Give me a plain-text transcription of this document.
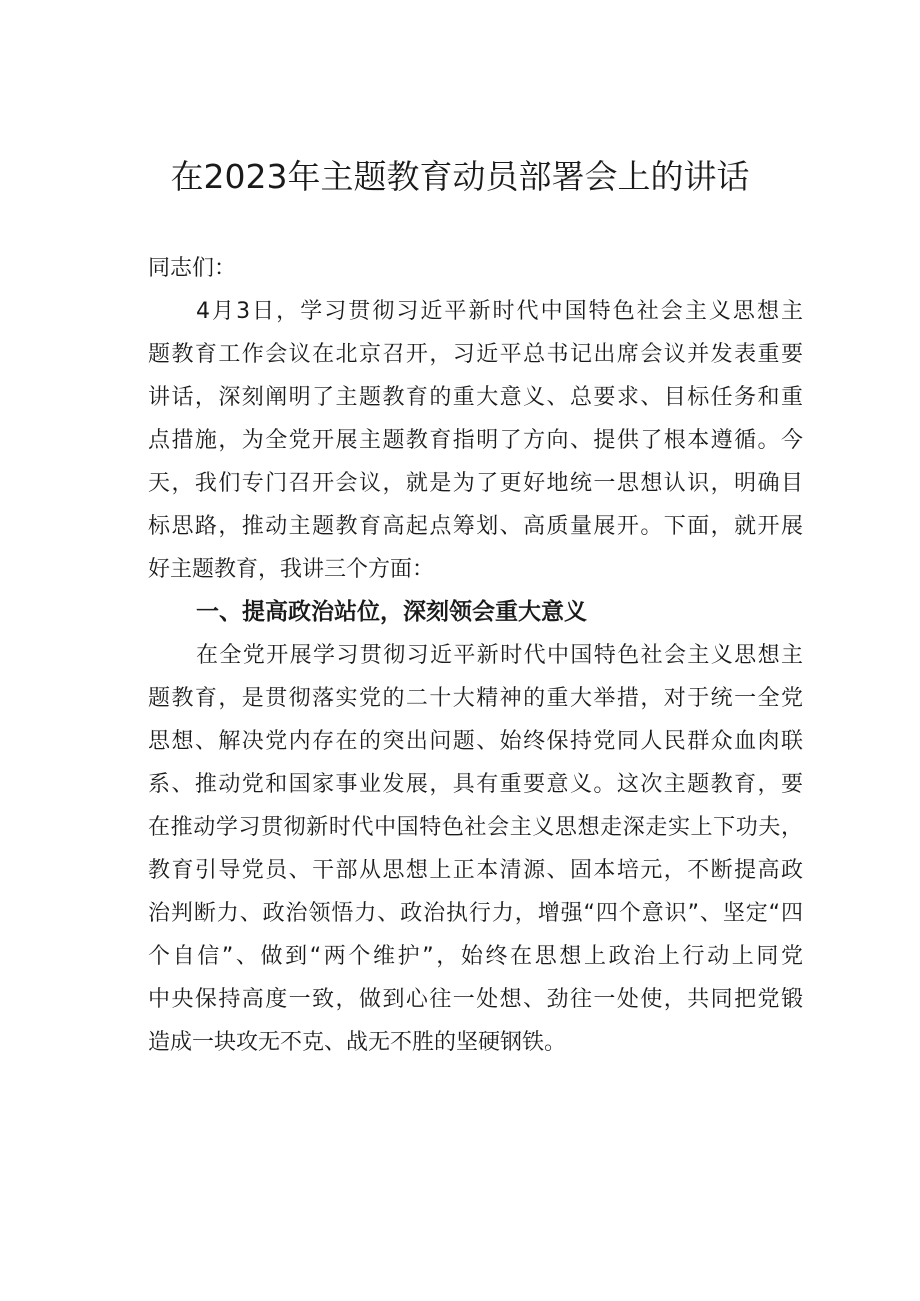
在2023年主题教育动员部署会上的讲话
同志们：
4月3日，学习贯彻习近平新时代中国特色社会主义思想主
题教育工作会议在北京召开，习近平总书记出席会议并发表重要
讲话，深刻阐明了主题教育的重大意义、总要求、目标任务和重
点措施，为全党开展主题教育指明了方向、提供了根本遵循。今
天，我们专门召开会议，就是为了更好地统一思想认识，明确目
标思路，推动主题教育高起点筹划、高质量展开。下面，就开展
好主题教育，我讲三个方面：
一、提高政治站位，深刻领会重大意义
在全党开展学习贯彻习近平新时代中国特色社会主义思想主
题教育，是贯彻落实党的二十大精神的重大举措，对于统一全党
思想、解决党内存在的突出问题、始终保持党同人民群众血肉联
系、推动党和国家事业发展，具有重要意义。这次主题教育，要
在推动学习贯彻新时代中国特色社会主义思想走深走实上下功夫，
教育引导党员、干部从思想上正本清源、固本培元，不断提高政
治判断力、政治领悟力、政治执行力，增强“四个意识”、坚定“四
个自信”、做到“两个维护”，始终在思想上政治上行动上同党
中央保持高度一致，做到心往一处想、劲往一处使，共同把党锻
造成一块攻无不克、战无不胜的坚硬钢铁。
